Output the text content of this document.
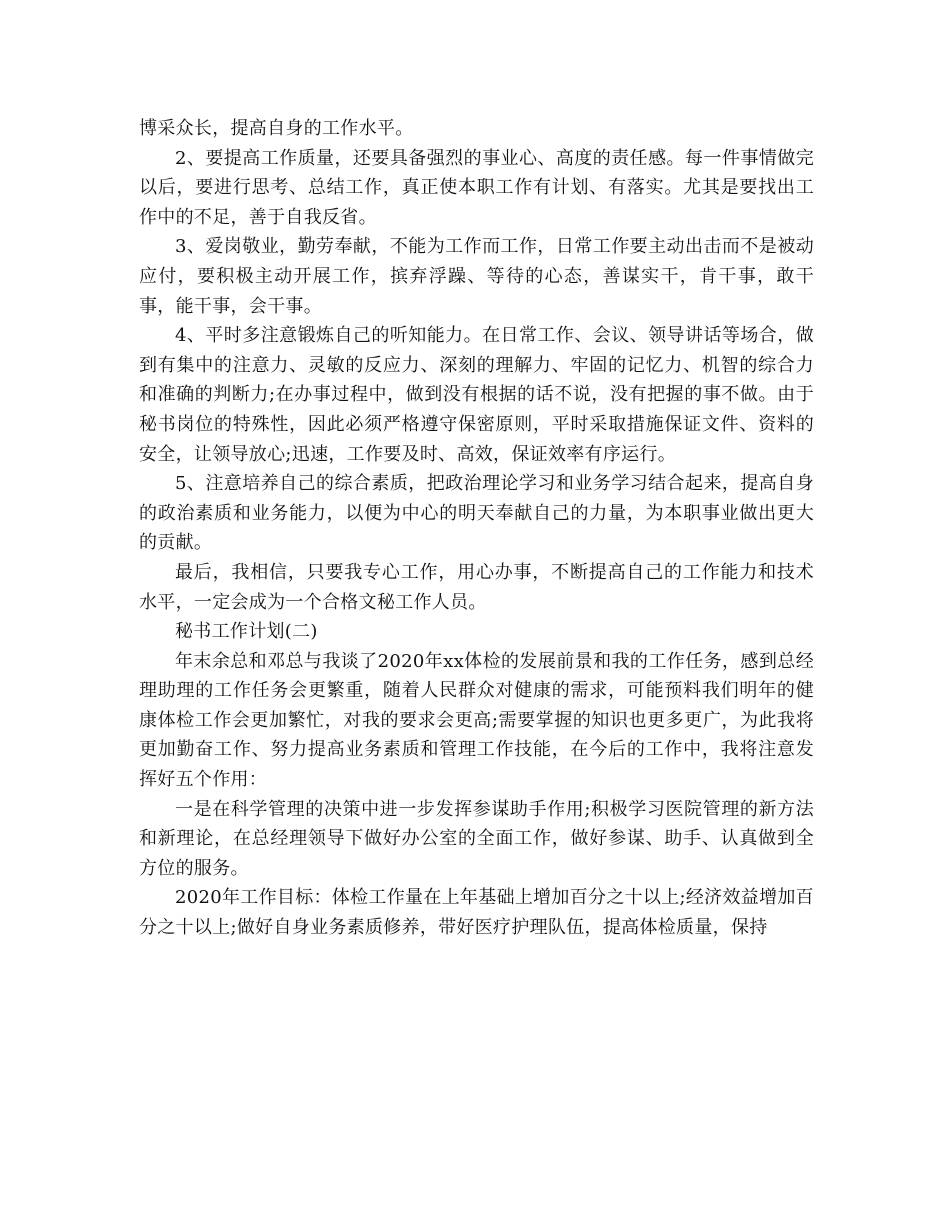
博采众长，提高自身的工作水平。

2、要提高工作质量，还要具备强烈的事业心、高度的责任感。每一件事情做完以后，要进行思考、总结工作，真正使本职工作有计划、有落实。尤其是要找出工作中的不足，善于自我反省。

3、爱岗敬业，勤劳奉献，不能为工作而工作，日常工作要主动出击而不是被动应付，要积极主动开展工作，摈弃浮躁、等待的心态，善谋实干，肯干事，敢干事，能干事，会干事。

4、平时多注意锻炼自己的听知能力。在日常工作、会议、领导讲话等场合，做到有集中的注意力、灵敏的反应力、深刻的理解力、牢固的记忆力、机智的综合力和准确的判断力;在办事过程中，做到没有根据的话不说，没有把握的事不做。由于秘书岗位的特殊性，因此必须严格遵守保密原则，平时采取措施保证文件、资料的安全，让领导放心;迅速，工作要及时、高效，保证效率有序运行。

5、注意培养自己的综合素质，把政治理论学习和业务学习结合起来，提高自身的政治素质和业务能力，以便为中心的明天奉献自己的力量，为本职事业做出更大的贡献。

最后，我相信，只要我专心工作，用心办事，不断提高自己的工作能力和技术水平，一定会成为一个合格文秘工作人员。

秘书工作计划(二)

年末余总和邓总与我谈了2020年xx体检的发展前景和我的工作任务，感到总经理助理的工作任务会更繁重，随着人民群众对健康的需求，可能预料我们明年的健康体检工作会更加繁忙，对我的要求会更高;需要掌握的知识也更多更广，为此我将更加勤奋工作、努力提高业务素质和管理工作技能，在今后的工作中，我将注意发挥好五个作用：

一是在科学管理的决策中进一步发挥参谋助手作用;积极学习医院管理的新方法和新理论，在总经理领导下做好办公室的全面工作，做好参谋、助手、认真做到全方位的服务。

2020年工作目标：体检工作量在上年基础上增加百分之十以上;经济效益增加百分之十以上;做好自身业务素质修养，带好医疗护理队伍，提高体检质量，保持
